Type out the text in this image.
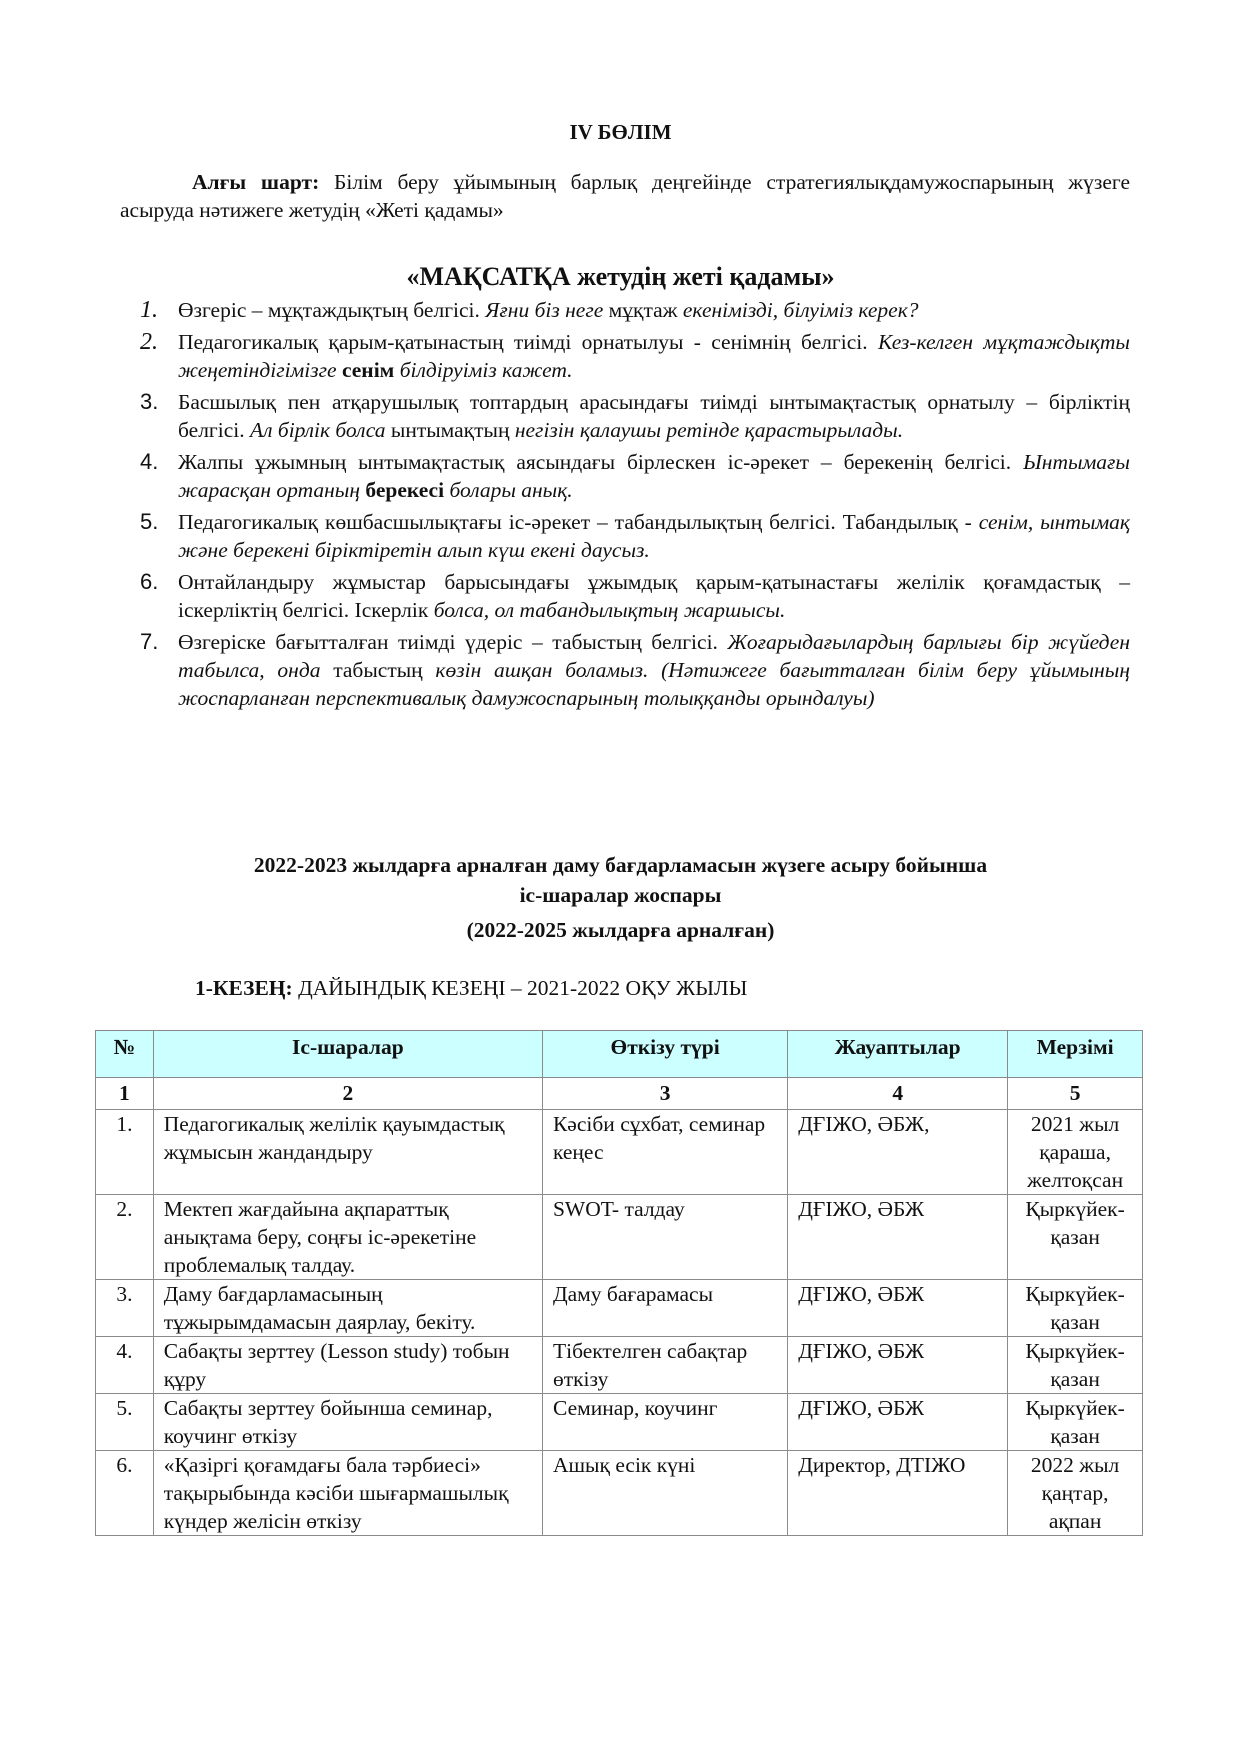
IV БӨЛІМ

Алғы шарт: Білім беру ұйымының барлық деңгейінде стратегиялықдамужоспарының жүзеге асыруда нәтижеге жетудің «Жеті қадамы»

«МАҚСАТҚА жетудің жеті қадамы»
1. Өзгеріс – мұқтаждықтың белгісі. Яғни біз неге мұқтаж екенімізді, білуіміз керек?
2. Педагогикалық қарым-қатынастың тиімді орнатылуы - сенімнің белгісі. Кез-келген мұқтаждықты жеңетіндігімізге сенім білдіруіміз кажет.
3. Басшылық пен атқарушылық топтардың арасындағы тиімді ынтымақтастық орнатылу – бірліктің белгісі. Ал бірлік болса ынтымақтың негізін қалаушы ретінде қарастырылады.
4. Жалпы ұжымның ынтымақтастық аясындағы бірлескен іс-әрекет – берекенің белгісі. Ынтымағы жарасқан ортаның берекесі болары анық.
5. Педагогикалық көшбасшылықтағы іс-әрекет – табандылықтың белгісі. Табандылық - сенім, ынтымақ және берекені біріктіретін алып күш екені даусыз.
6. Онтайландыру жұмыстар барысындағы ұжымдық қарым-қатынастағы желілік қоғамдастық – іскерліктің белгісі. Іскерлік болса, ол табандылықтың жаршысы.
7. Өзгеріске бағытталған тиімді үдеріс – табыстың белгісі. Жоғарыдағылардың барлығы бір жүйеден табылса, онда табыстың көзін ашқан боламыз. (Нәтижеге бағытталған білім беру ұйымының жоспарланған перспективалық дамужоспарының толыққанды орындалуы)
2022-2023 жылдарға арналған даму бағдарламасын жүзеге асыру бойынша
іс-шаралар жоспары
(2022-2025 жылдарға арналған)
1-КЕЗЕҢ: ДАЙЫНДЫҚ КЕЗЕҢІ – 2021-2022 ОҚУ ЖЫЛЫ
№	Іс-шаралар	Өткізу түрі	Жауаптылар	Мерзімі
1	2	3	4	5
1.	Педагогикалық желілік қауымдастық жұмысын жандандыру	Кәсіби сұхбат, семинар кеңес	ДҒІЖО, ӘБЖ,	2021 жыл қараша, желтоқсан
2.	Мектеп жағдайына ақпараттық анықтама беру, соңғы іс-әрекетіне проблемалық талдау.	SWOT- талдау	ДҒІЖО, ӘБЖ	Қыркүйек-қазан
3.	Даму бағдарламасының тұжырымдамасын даярлау, бекіту.	Даму бағарамасы	ДҒІЖО, ӘБЖ	Қыркүйек-қазан
4.	Сабақты зерттеу (Lesson study) тобын құру	Тібектелген сабақтар өткізу	ДҒІЖО, ӘБЖ	Қыркүйек-қазан
5.	Сабақты зерттеу бойынша семинар, коучинг өткізу	Семинар, коучинг	ДҒІЖО, ӘБЖ	Қыркүйек-қазан
6.	«Қазіргі қоғамдағы бала тәрбиесі» тақырыбында кәсіби шығармашылық күндер желісін өткізу	Ашық есік күні	Директор, ДТІЖО	2022 жыл қаңтар, ақпан
